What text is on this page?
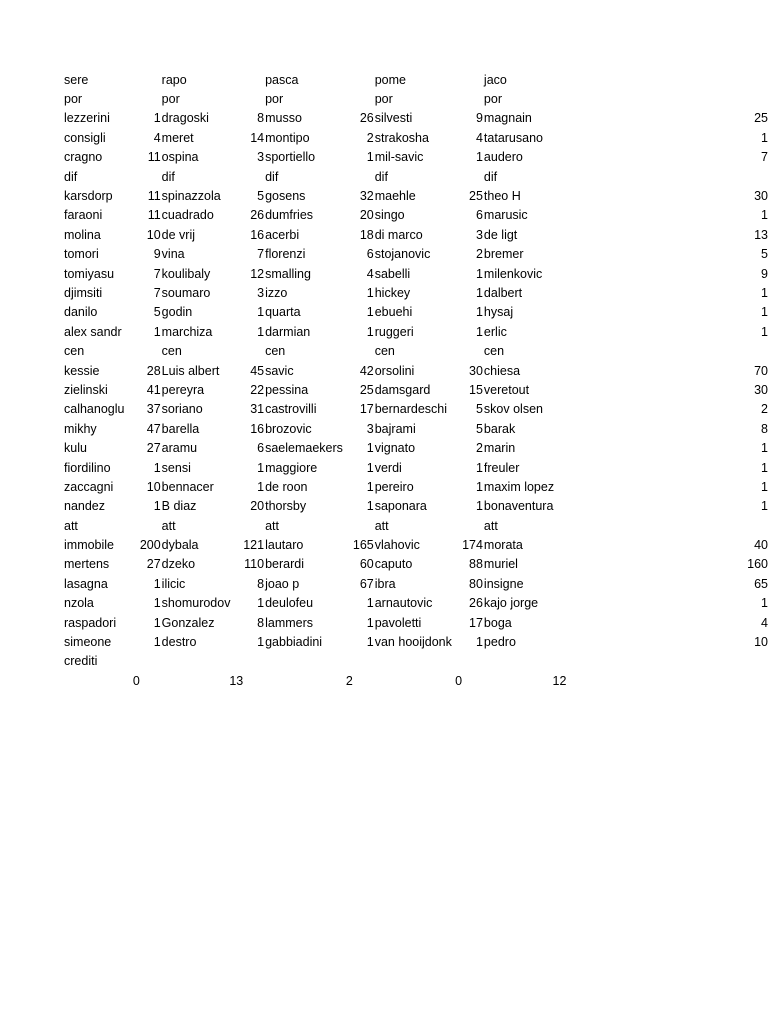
sere		rapo		pasca		pome		jaco	
por		por		por		por		por	
lezzerini	1	dragoski	8	musso	26	silvesti	9	magnain	25
consigli	4	meret	14	montipo	2	strakosha	4	tatarusano	1
cragno	11	ospina	3	sportiello	1	mil-savic	1	audero	7
dif		dif		dif		dif		dif	
karsdorp	11	spinazzola	5	gosens	32	maehle	25	theo H	30
faraoni	11	cuadrado	26	dumfries	20	singo	6	marusic	1
molina	10	de vrij	16	acerbi	18	di marco	3	de ligt	13
tomori	9	vina	7	florenzi	6	stojanovic	2	bremer	5
tomiyasu	7	koulibaly	12	smalling	4	sabelli	1	milenkovic	9
djimsiti	7	soumaro	3	izzo	1	hickey	1	dalbert	1
danilo	5	godin	1	quarta	1	ebuehi	1	hysaj	1
alex sandr	1	marchiza	1	darmian	1	ruggeri	1	erlic	1
cen		cen		cen		cen		cen	
kessie	28	Luis albert	45	savic	42	orsolini	30	chiesa	70
zielinski	41	pereyra	22	pessina	25	damsgard	15	veretout	30
calhanoglu	37	soriano	31	castrovilli	17	bernardeschi	5	skov olsen	2
mikhy	47	barella	16	brozovic	3	bajrami	5	barak	8
kulu	27	aramu	6	saelemaekers	1	vignato	2	marin	1
fiordilino	1	sensi	1	maggiore	1	verdi	1	freuler	1
zaccagni	10	bennacer	1	de roon	1	pereiro	1	maxim lopez	1
nandez	1	B diaz	20	thorsby	1	saponara	1	bonaventura	1
att		att		att		att		att	
immobile	200	dybala	121	lautaro	165	vlahovic	174	morata	40
mertens	27	dzeko	110	berardi	60	caputo	88	muriel	160
lasagna	1	ilicic	8	joao p	67	ibra	80	insigne	65
nzola	1	shomurodov	1	deulofeu	1	arnautovic	26	kajo jorge	1
raspadori	1	Gonzalez	8	lammers	1	pavoletti	17	boga	4
simeone	1	destro	1	gabbiadini	1	van hooijdonk	1	pedro	10
crediti									
0		13		2		0		12	
